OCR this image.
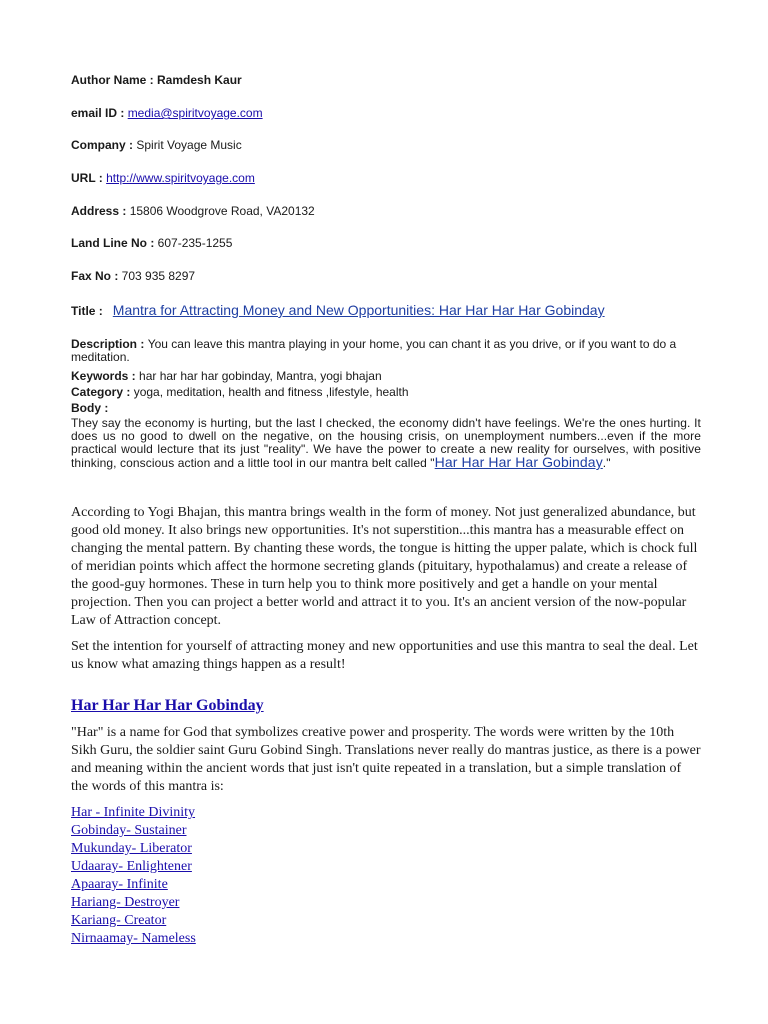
Author Name : Ramdesh Kaur
email ID : media@spiritvoyage.com
Company : Spirit Voyage Music
URL : http://www.spiritvoyage.com
Address : 15806 Woodgrove Road, VA20132
Land Line No : 607-235-1255
Fax No : 703 935 8297
Title :   Mantra for Attracting Money and New Opportunities: Har Har Har Har Gobinday
Description : You can leave this mantra playing in your home, you can chant it as you drive, or if you want to do a meditation.
Keywords : har har har har gobinday, Mantra, yogi bhajan
Category : yoga, meditation, health and fitness ,lifestyle, health
Body :
They say the economy is hurting, but the last I checked, the economy didn't have feelings. We're the ones hurting. It does us no good to dwell on the negative, on the housing crisis, on unemployment numbers...even if the more practical would lecture that its just "reality". We have the power to create a new reality for ourselves, with positive thinking, conscious action and a little tool in our mantra belt called "Har Har Har Har Gobinday."
According to Yogi Bhajan, this mantra brings wealth in the form of money. Not just generalized abundance, but good old money. It also brings new opportunities. It's not superstition...this mantra has a measurable effect on changing the mental pattern. By chanting these words, the tongue is hitting the upper palate, which is chock full of meridian points which affect the hormone secreting glands (pituitary, hypothalamus) and create a release of the good-guy hormones. These in turn help you to think more positively and get a handle on your mental projection. Then you can project a better world and attract it to you. It's an ancient version of the now-popular Law of Attraction concept.
Set the intention for yourself of attracting money and new opportunities and use this mantra to seal the deal. Let us know what amazing things happen as a result!
Har Har Har Har Gobinday
"Har" is a name for God that symbolizes creative power and prosperity. The words were written by the 10th Sikh Guru, the soldier saint Guru Gobind Singh. Translations never really do mantras justice, as there is a power and meaning within the ancient words that just isn't quite repeated in a translation, but a simple translation of the words of this mantra is:
Har - Infinite Divinity
Gobinday- Sustainer
Mukunday- Liberator
Udaaray- Enlightener
Apaaray- Infinite
Hariang- Destroyer
Kariang- Creator
Nirnaamay- Nameless
